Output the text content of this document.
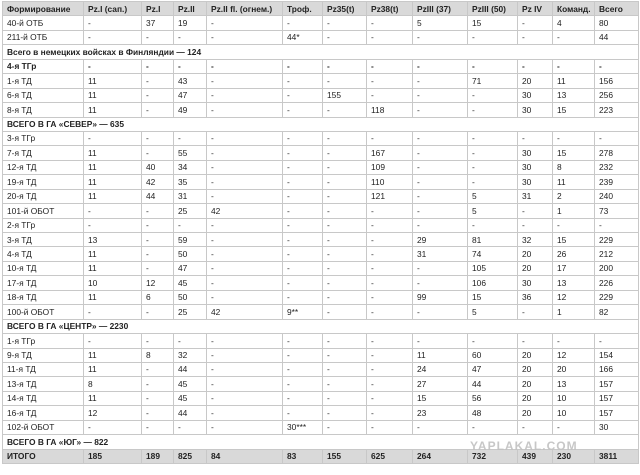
Формирование	Pz.I (сап.)	Pz.I	Pz.II	Pz.II fl. (огнем.)	Троф.	Pz35(t)	Pz38(t)	PzIII (37)	PzIII (50)	Pz IV	Команд.	Всего
40-й ОТБ	-	37	19	-	-	-	-	5	15	-	4	80
211-й ОТБ	-	-	-	-	44*	-	-	-	-	-	-	44
Всего в немецких войсках в Финляндии — 124												
4-я ТГр	-	-	-	-	-	-	-	-	-	-	-	-
1-я ТД	11	-	43	-	-	-	-	-	71	20	11	156
6-я ТД	11	-	47	-	-	155	-	-	-	30	13	256
8-я ТД	11	-	49	-	-	-	118	-	-	30	15	223
ВСЕГО В ГА «СЕВЕР» — 635												
3-я ТГр	-	-	-	-	-	-	-	-	-	-	-	-
7-я ТД	11	-	55	-	-	-	167	-	-	30	15	278
12-я ТД	11	40	34	-	-	-	109	-	-	30	8	232
19-я ТД	11	42	35	-	-	-	110	-	-	30	11	239
20-я ТД	11	44	31	-	-	-	121	-	5	31	2	240
101-й ОБОТ	-	-	25	42	-	-	-	-	5	-	1	73
2-я ТГр	-	-	-	-	-	-	-	-	-	-	-	-
3-я ТД	13	-	59	-	-	-	-	29	81	32	15	229
4-я ТД	11	-	50	-	-	-	-	31	74	20	26	212
10-я ТД	11	-	47	-	-	-	-	-	105	20	17	200
17-я ТД	10	12	45	-	-	-	-	-	106	30	13	226
18-я ТД	11	6	50	-	-	-	-	99	15	36	12	229
100-й ОБОТ	-	-	25	42	9**	-	-	-	5	-	1	82
ВСЕГО В ГА «ЦЕНТР» — 2230												
1-я ТГр	-	-	-	-	-	-	-	-	-	-	-	-
9-я ТД	11	8	32	-	-	-	-	11	60	20	12	154
11-я ТД	11	-	44	-	-	-	-	24	47	20	20	166
13-я ТД	8	-	45	-	-	-	-	27	44	20	13	157
14-я ТД	11	-	45	-	-	-	-	15	56	20	10	157
16-я ТД	12	-	44	-	-	-	-	23	48	20	10	157
102-й ОБОТ	-	-	-	-	30***	-	-	-	-	-	-	30
ВСЕГО В ГА «ЮГ» — 822												
ИТОГО	185	189	825	84	83	155	625	264	732	439	230	3811
YAPLAKAL.COM
